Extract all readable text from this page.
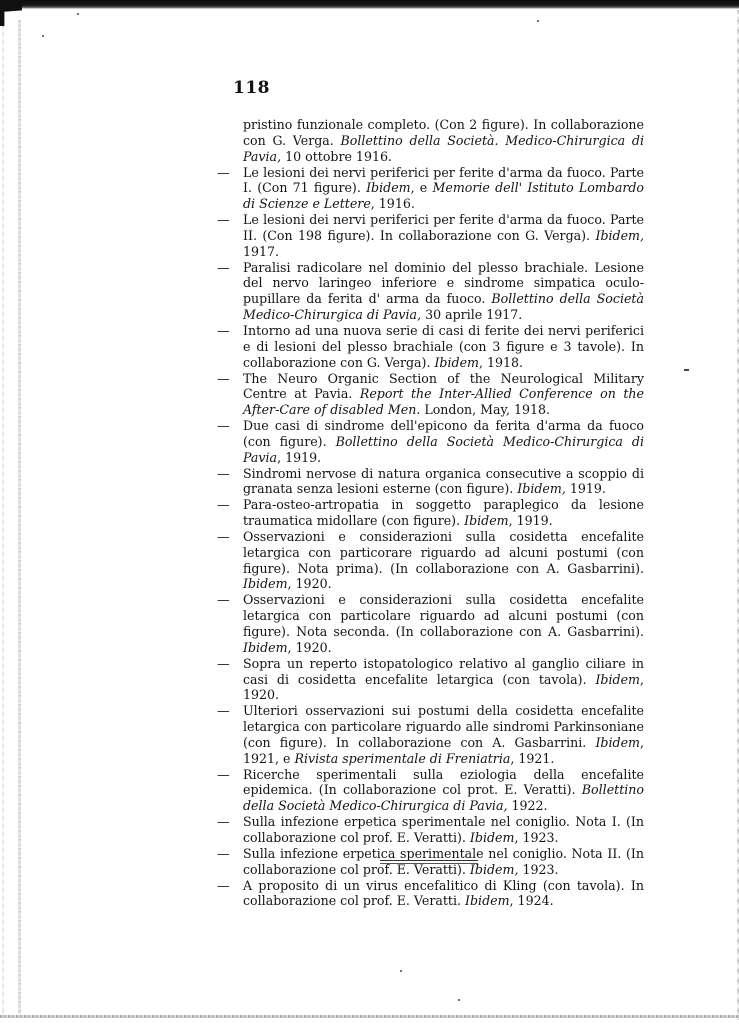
118

pristino funzionale completo. (Con 2 figure). In collaborazione con G. Verga. Bollettino della Società. Medico-Chirurgica di Pavia, 10 ottobre 1916.

—	Le lesioni dei nervi periferici per ferite d'arma da fuoco. Parte I. (Con 71 figure). Ibidem, e Memorie dell' Istituto Lombardo di Scienze e Lettere, 1916.

—	Le lesioni dei nervi periferici per ferite d'arma da fuoco. Parte II. (Con 198 figure). In collaborazione con G. Verga). Ibidem, 1917.

—	Paralisi radicolare nel dominio del plesso brachiale. Lesione del nervo laringeo inferiore e sindrome simpatica oculo-pupillare da ferita d' arma da fuoco. Bollettino della Società Medico-Chirurgica di Pavia, 30 aprile 1917.

—	Intorno ad una nuova serie di casi di ferite dei nervi periferici e di lesioni del plesso brachiale (con 3 figure e 3 tavole). In collaborazione con G. Verga). Ibidem, 1918.

—	The Neuro Organic Section of the Neurological Military Centre at Pavia. Report the Inter-Allied Conference on the After-Care of disabled Men. London, May, 1918.

—	Due casi di sindrome dell'epicono da ferita d'arma da fuoco (con figure). Bollettino della Società Medico-Chirurgica di Pavia, 1919.

—	Sindromi nervose di natura organica consecutive a scoppio di granata senza lesioni esterne (con figure). Ibidem, 1919.

—	Para-osteo-artropatia in soggetto paraplegico da lesione traumatica midollare (con figure). Ibidem, 1919.

—	Osservazioni e considerazioni sulla cosidetta encefalite letargica con particorare riguardo ad alcuni postumi (con figure). Nota prima). (In collaborazione con A. Gasbarrini). Ibidem, 1920.

—	Osservazioni e considerazioni sulla cosidetta encefalite letargica con particolare riguardo ad alcuni postumi (con figure). Nota seconda. (In collaborazione con A. Gasbarrini). Ibidem, 1920.

—	Sopra un reperto istopatologico relativo al ganglio ciliare in casi di cosidetta encefalite letargica (con tavola). Ibidem, 1920.

—	Ulteriori osservazioni sui postumi della cosidetta encefalite letargica con particolare riguardo alle sindromi Parkinsoniane (con figure). In collaborazione con A. Gasbarrini. Ibidem, 1921, e Rivista sperimentale di Freniatria, 1921.

—	Ricerche sperimentali sulla eziologia della encefalite epidemica. (In collaborazione col prot. E. Veratti). Bollettino della Società Medico-Chirurgica di Pavia, 1922.

—	Sulla infezione erpetica sperimentale nel coniglio. Nota I. (In collaborazione col prof. E. Veratti). Ibidem, 1923.

—	Sulla infezione erpetica sperimentale nel coniglio. Nota II. (In collaborazione col prof. E. Veratti). Ibidem, 1923.

—	A proposito di un virus encefalitico di Kling (con tavola). In collaborazione col prof. E. Veratti. Ibidem, 1924.
